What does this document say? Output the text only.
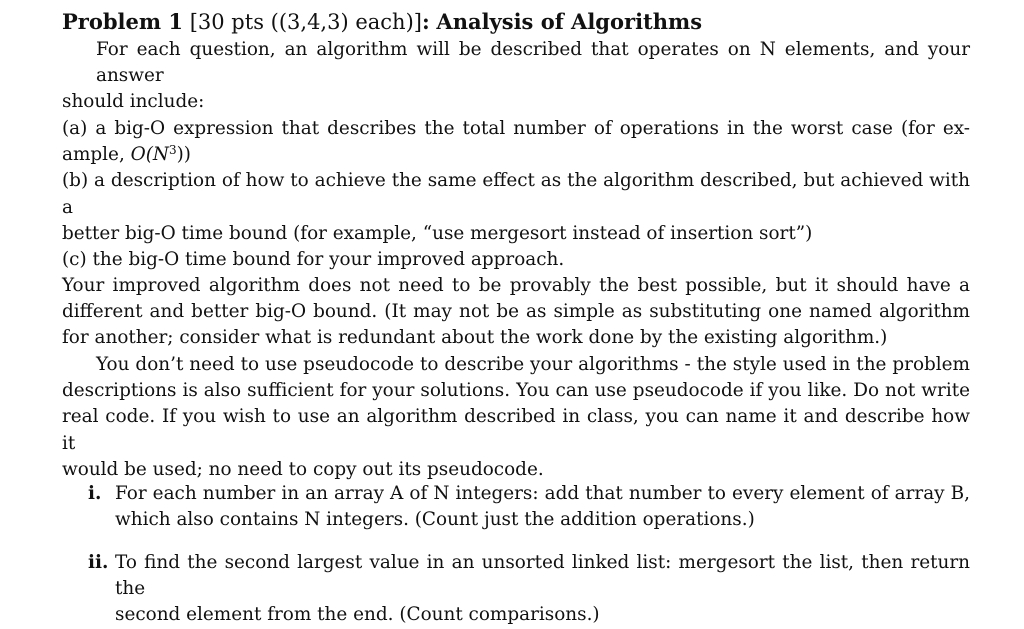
Problem 1 [30 pts ((3,4,3) each)]: Analysis of Algorithms
For each question, an algorithm will be described that operates on N elements, and your answer
should include:
(a) a big-O expression that describes the total number of operations in the worst case (for ex-
ample, $O(N^3)$)
(b) a description of how to achieve the same effect as the algorithm described, but achieved with a
better big-O time bound (for example, “use mergesort instead of insertion sort”)
(c) the big-O time bound for your improved approach.
Your improved algorithm does not need to be provably the best possible, but it should have a
different and better big-O bound. (It may not be as simple as substituting one named algorithm
for another; consider what is redundant about the work done by the existing algorithm.)
You don’t need to use pseudocode to describe your algorithms - the style used in the problem
descriptions is also sufficient for your solutions. You can use pseudocode if you like. Do not write
real code. If you wish to use an algorithm described in class, you can name it and describe how it
would be used; no need to copy out its pseudocode.
i. For each number in an array A of N integers: add that number to every element of array B,
which also contains N integers. (Count just the addition operations.)
ii. To find the second largest value in an unsorted linked list: mergesort the list, then return the
second element from the end. (Count comparisons.)
